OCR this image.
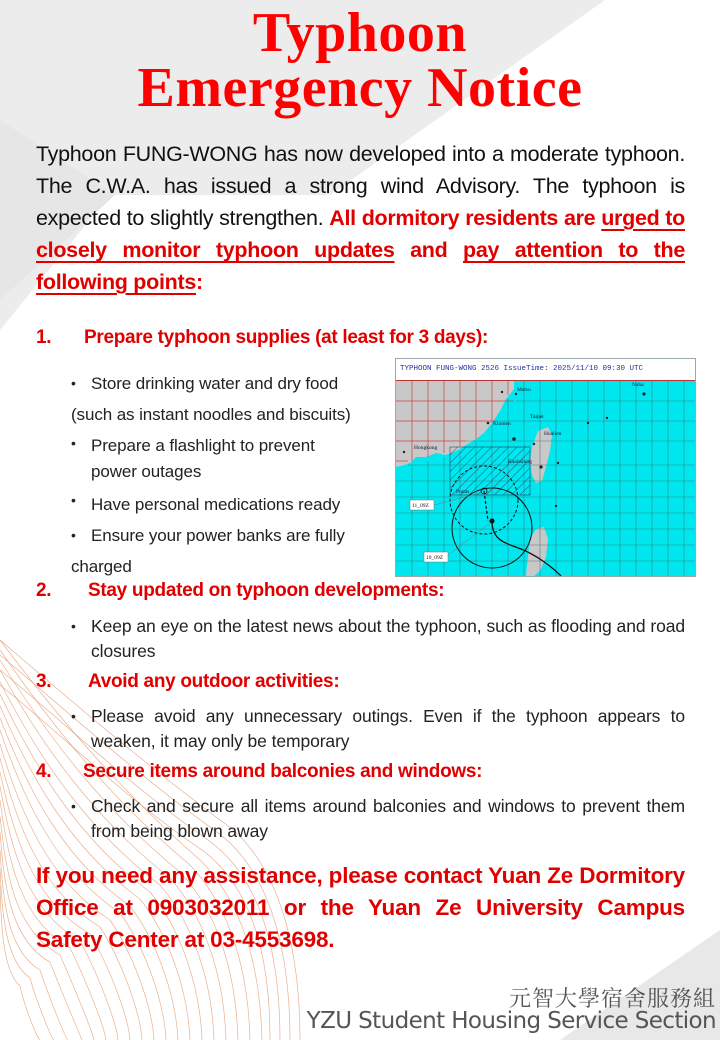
Typhoon
Emergency Notice

Typhoon FUNG-WONG has now developed into a moderate typhoon. The C.W.A. has issued a strong wind Advisory. The typhoon is expected to slightly strengthen. All dormitory residents are urged to closely monitor typhoon updates and pay attention to the following points:

1. Prepare typhoon supplies (at least for 3 days):
• Store drinking water and dry food
(such as instant noodles and biscuits)
• Prepare a flashlight to prevent
power outages
• Have personal medications ready
• Ensure your power banks are fully
charged
TYPHOON FUNG-WONG 2526 IssueTime: 2025/11/10 09:30 UTC
Matsu
Naha
Taipei
Kinmen
Hualien
Hongkong
Kaohsiung
Pratas
11_09Z
10_09Z
2. Stay updated on typhoon developments:
• Keep an eye on the latest news about the typhoon, such as flooding and road closures
3. Avoid any outdoor activities:
• Please avoid any unnecessary outings. Even if the typhoon appears to weaken, it may only be temporary
4. Secure items around balconies and windows:
• Check and secure all items around balconies and windows to prevent them from being blown away

If you need any assistance, please contact Yuan Ze Dormitory Office at 0903032011 or the Yuan Ze University Campus Safety Center at 03-4553698.

元智大學宿舍服務組
YZU Student Housing Service Section
